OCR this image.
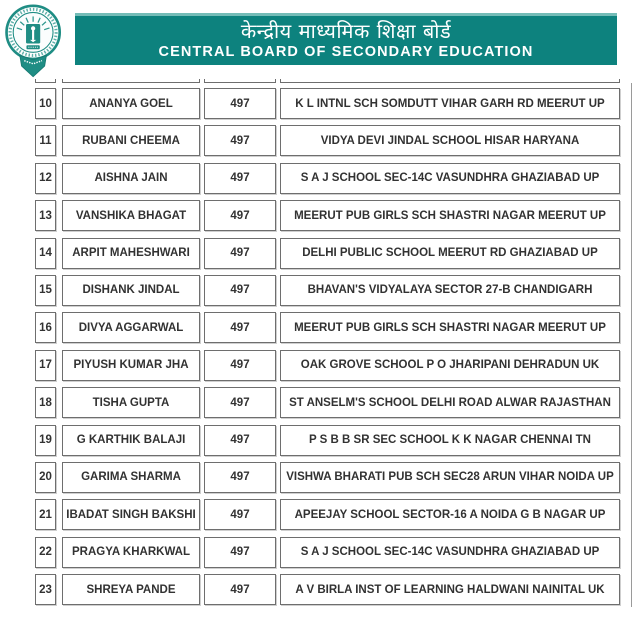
केन्द्रीय माध्यमिक शिक्षा बोर्ड
CENTRAL BOARD OF SECONDARY EDUCATION
10	ANANYA GOEL	497	K L INTNL SCH SOMDUTT VIHAR GARH RD MEERUT UP
11	RUBANI CHEEMA	497	VIDYA DEVI JINDAL SCHOOL HISAR HARYANA
12	AISHNA JAIN	497	S A J SCHOOL SEC-14C VASUNDHRA GHAZIABAD UP
13	VANSHIKA BHAGAT	497	MEERUT PUB GIRLS SCH SHASTRI NAGAR MEERUT UP
14	ARPIT MAHESHWARI	497	DELHI PUBLIC SCHOOL MEERUT RD GHAZIABAD UP
15	DISHANK JINDAL	497	BHAVAN'S VIDYALAYA SECTOR 27-B CHANDIGARH
16	DIVYA AGGARWAL	497	MEERUT PUB GIRLS SCH SHASTRI NAGAR MEERUT UP
17	PIYUSH KUMAR JHA	497	OAK GROVE SCHOOL P O JHARIPANI DEHRADUN UK
18	TISHA GUPTA	497	ST ANSELM'S SCHOOL DELHI ROAD ALWAR RAJASTHAN
19	G KARTHIK BALAJI	497	P S B B SR SEC SCHOOL K K NAGAR CHENNAI TN
20	GARIMA SHARMA	497	VISHWA BHARATI PUB SCH SEC28 ARUN VIHAR NOIDA UP
21	IBADAT SINGH BAKSHI	497	APEEJAY SCHOOL SECTOR-16 A NOIDA G B NAGAR UP
22	PRAGYA KHARKWAL	497	S A J SCHOOL SEC-14C VASUNDHRA GHAZIABAD UP
23	SHREYA PANDE	497	A V BIRLA INST OF LEARNING HALDWANI NAINITAL UK
